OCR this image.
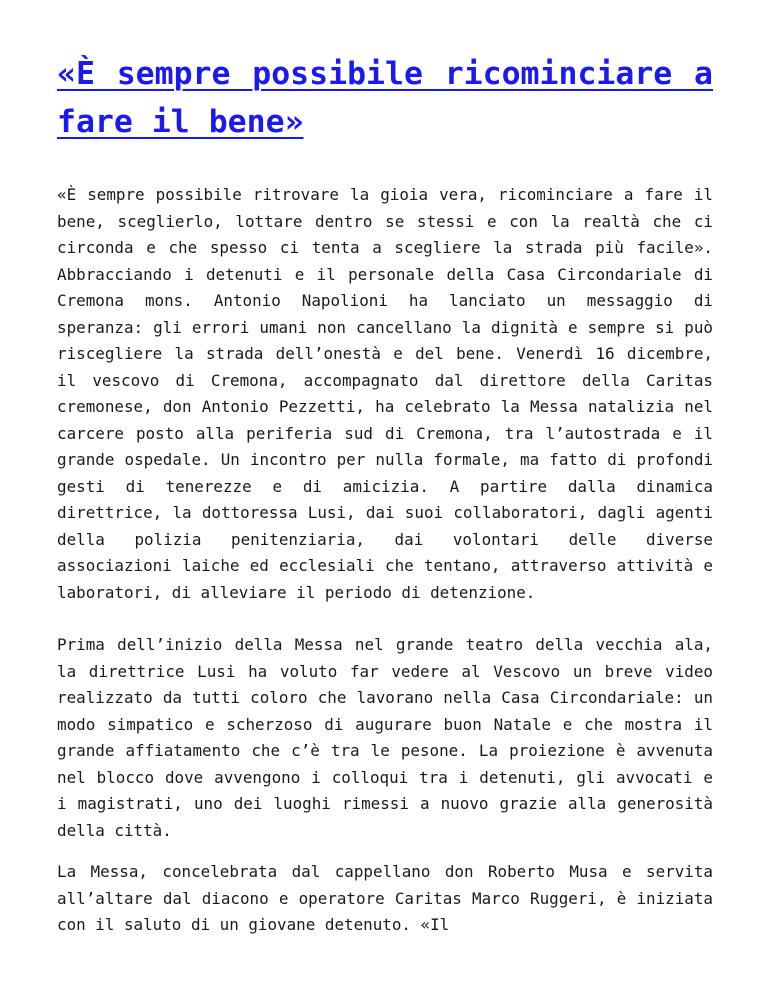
«È sempre possibile ricominciare a fare il bene»

«È sempre possibile ritrovare la gioia vera, ricominciare a fare il bene, sceglierlo, lottare dentro se stessi e con la realtà che ci circonda e che spesso ci tenta a scegliere la strada più facile». Abbracciando i detenuti e il personale della Casa Circondariale di Cremona mons. Antonio Napolioni ha lanciato un messaggio di speranza: gli errori umani non cancellano la dignità e sempre si può riscegliere la strada dell’onestà e del bene. Venerdì 16 dicembre, il vescovo di Cremona, accompagnato dal direttore della Caritas cremonese, don Antonio Pezzetti, ha celebrato la Messa natalizia nel carcere posto alla periferia sud di Cremona, tra l’autostrada e il grande ospedale. Un incontro per nulla formale, ma fatto di profondi gesti di tenerezze e di amicizia. A partire dalla dinamica direttrice, la dottoressa Lusi, dai suoi collaboratori, dagli agenti della polizia penitenziaria, dai volontari delle diverse associazioni laiche ed ecclesiali che tentano, attraverso attività e laboratori, di alleviare il periodo di detenzione.

Prima dell’inizio della Messa nel grande teatro della vecchia ala, la direttrice Lusi ha voluto far vedere al Vescovo un breve video realizzato da tutti coloro che lavorano nella Casa Circondariale: un modo simpatico e scherzoso di augurare buon Natale e che mostra il grande affiatamento che c’è tra le pesone. La proiezione è avvenuta nel blocco dove avvengono i colloqui tra i detenuti, gli avvocati e i magistrati, uno dei luoghi rimessi a nuovo grazie alla generosità della città.

La Messa, concelebrata dal cappellano don Roberto Musa e servita all’altare dal diacono e operatore Caritas Marco Ruggeri, è iniziata con il saluto di un giovane detenuto. «Il
